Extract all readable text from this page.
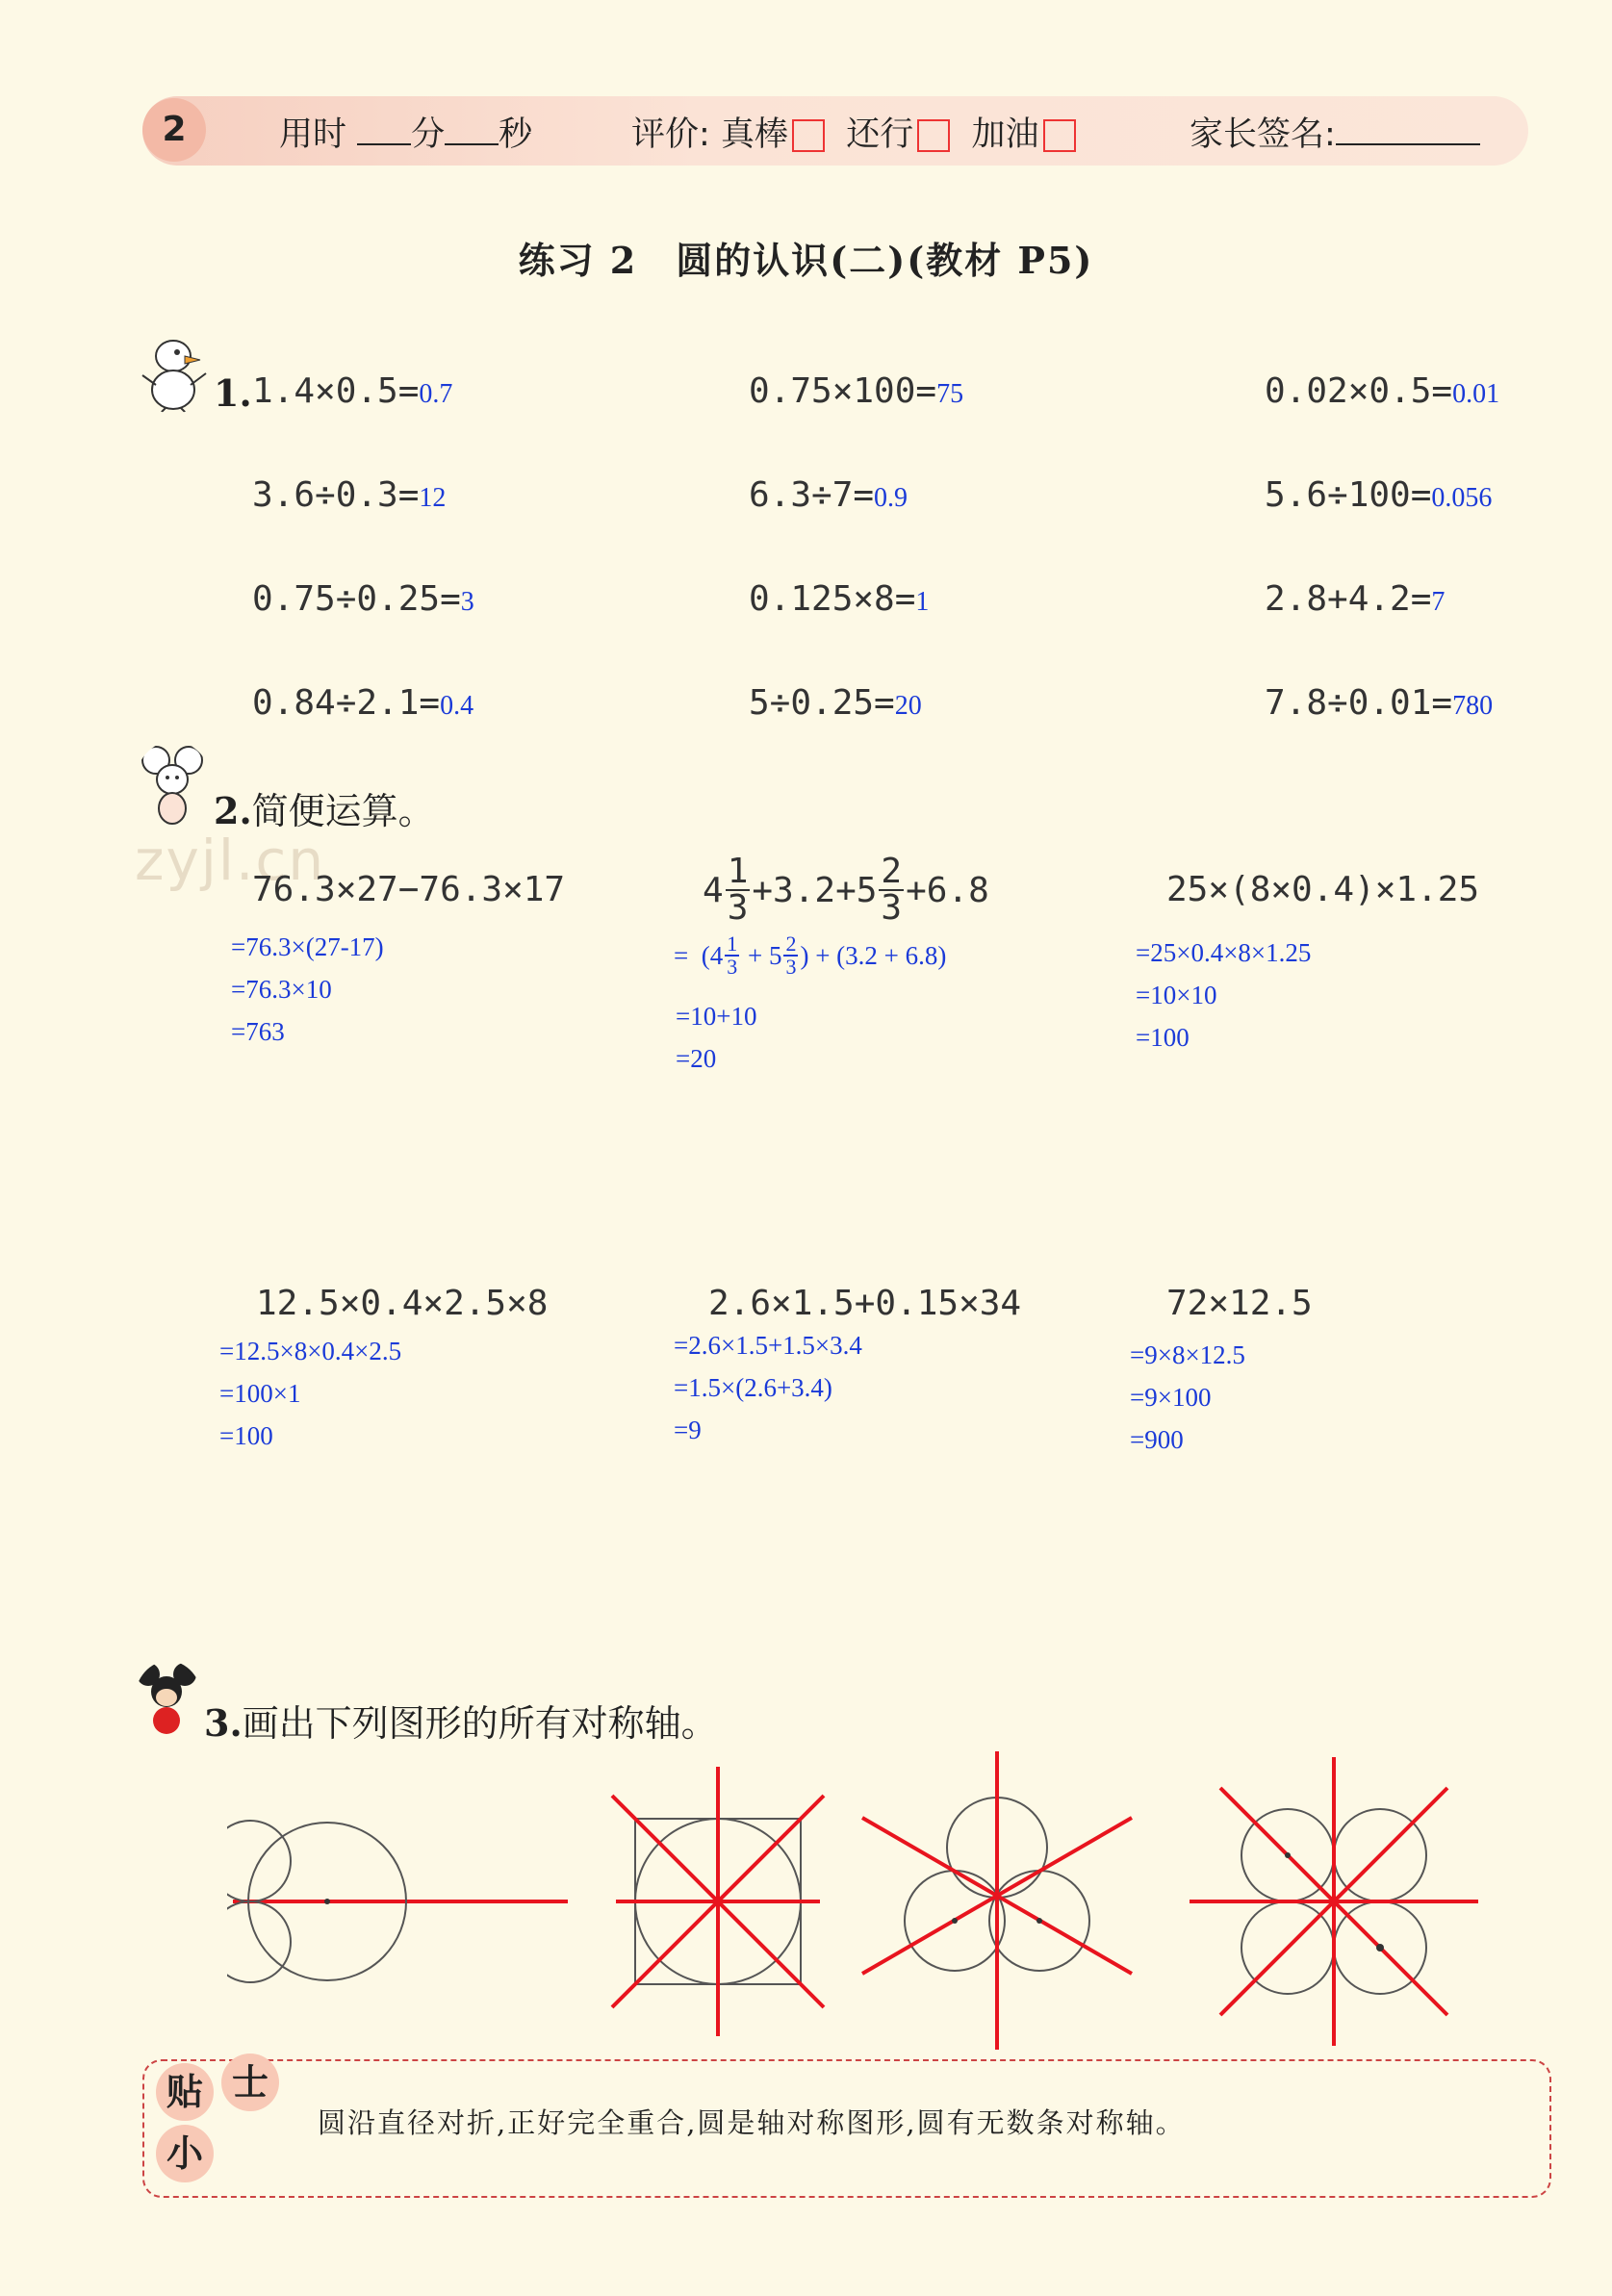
2	用时 分 秒	评价: 真棒 还行 加油	家长签名:
练习 2　圆的认识(二)(教材 P5)
1. 1.4×0.5=0.7	0.75×100=75	0.02×0.5=0.01
3.6÷0.3=12	6.3÷7=0.9	5.6÷100=0.056
0.75÷0.25=3	0.125×8=1	2.8+4.2=7
0.84÷2.1=0.4	5÷0.25=20	7.8÷0.01=780
zyjl.cn
2.简便运算。
76.3×27−76.3×17
=76.3×(27-17)
=76.3×10
=763
$4 \frac{1}{3} +3.2+5 \frac{2}{3} +6.8$
=  ($4 \frac{1}{3} + 5 \frac{2}{3}$ ) + (3.2 + 6.8)
=10+10
=20
25×(8×0.4)×1.25
=25×0.4×8×1.25
=10×10
=100
12.5×0.4×2.5×8
=12.5×8×0.4×2.5
=100×1
=100
2.6×1.5+0.15×34
=2.6×1.5+1.5×3.4
=1.5×(2.6+3.4)
=9
72×12.5
=9×8×12.5
=9×100
=900
3.画出下列图形的所有对称轴。
贴 士
小
圆沿直径对折,正好完全重合,圆是轴对称图形,圆有无数条对称轴。
